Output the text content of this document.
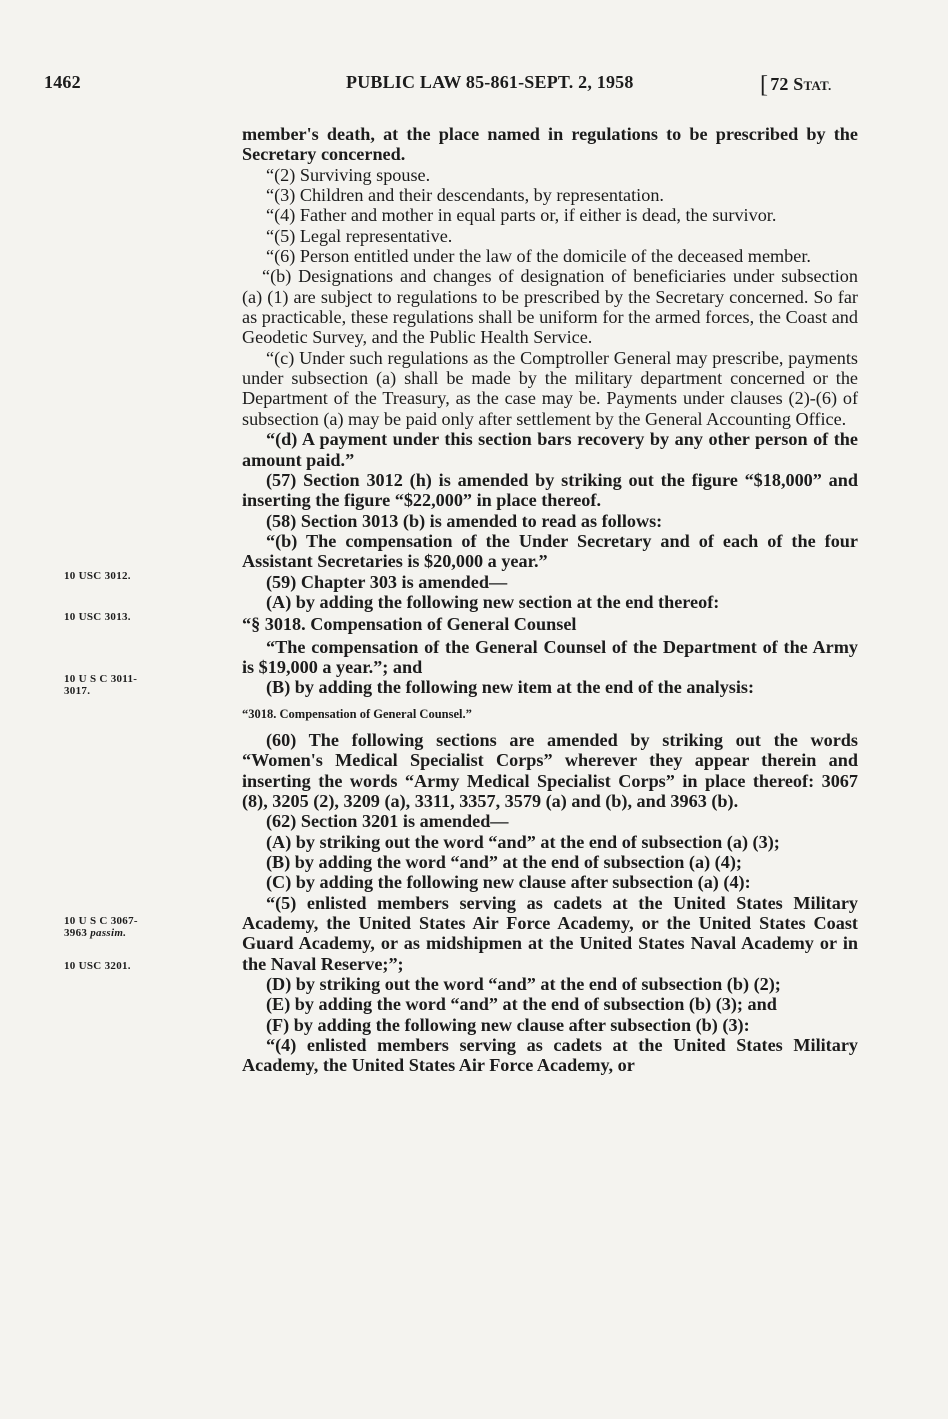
1462	PUBLIC LAW 85-861-SEPT. 2, 1958	[ 72 STAT.
10 USC 3012.
10 USC 3013.
10 U S C 3011-
3017.
10 U S C 3067-
3963 passim.
10 USC 3201.

member's death, at the place named in regulations to be prescribed by the Secretary concerned.

“(2) Surviving spouse.

“(3) Children and their descendants, by representation.

“(4) Father and mother in equal parts or, if either is dead, the survivor.

“(5) Legal representative.

“(6) Person entitled under the law of the domicile of the deceased member.

“(b) Designations and changes of designation of beneficiaries under subsection (a) (1) are subject to regulations to be prescribed by the Secretary concerned. So far as practicable, these regulations shall be uniform for the armed forces, the Coast and Geodetic Survey, and the Public Health Service.

“(c) Under such regulations as the Comptroller General may prescribe, payments under subsection (a) shall be made by the military department concerned or the Department of the Treasury, as the case may be. Payments under clauses (2)-(6) of subsection (a) may be paid only after settlement by the General Accounting Office.

“(d) A payment under this section bars recovery by any other person of the amount paid.”

(57) Section 3012 (h) is amended by striking out the figure “$18,000” and inserting the figure “$22,000” in place thereof.

(58) Section 3013 (b) is amended to read as follows:

“(b) The compensation of the Under Secretary and of each of the four Assistant Secretaries is $20,000 a year.”

(59) Chapter 303 is amended—

(A) by adding the following new section at the end thereof:

“§ 3018. Compensation of General Counsel

“The compensation of the General Counsel of the Department of the Army is $19,000 a year.”; and

(B) by adding the following new item at the end of the analysis:

“3018. Compensation of General Counsel.”

(60) The following sections are amended by striking out the words “Women's Medical Specialist Corps” wherever they appear therein and inserting the words “Army Medical Specialist Corps” in place thereof: 3067 (8), 3205 (2), 3209 (a), 3311, 3357, 3579 (a) and (b), and 3963 (b).

(62) Section 3201 is amended—

(A) by striking out the word “and” at the end of subsection (a) (3);

(B) by adding the word “and” at the end of subsection (a) (4);

(C) by adding the following new clause after subsection (a) (4):

“(5) enlisted members serving as cadets at the United States Military Academy, the United States Air Force Academy, or the United States Coast Guard Academy, or as midshipmen at the United States Naval Academy or in the Naval Reserve;”;

(D) by striking out the word “and” at the end of subsection (b) (2);

(E) by adding the word “and” at the end of subsection (b) (3); and

(F) by adding the following new clause after subsection (b) (3):

“(4) enlisted members serving as cadets at the United States Military Academy, the United States Air Force Academy, or
